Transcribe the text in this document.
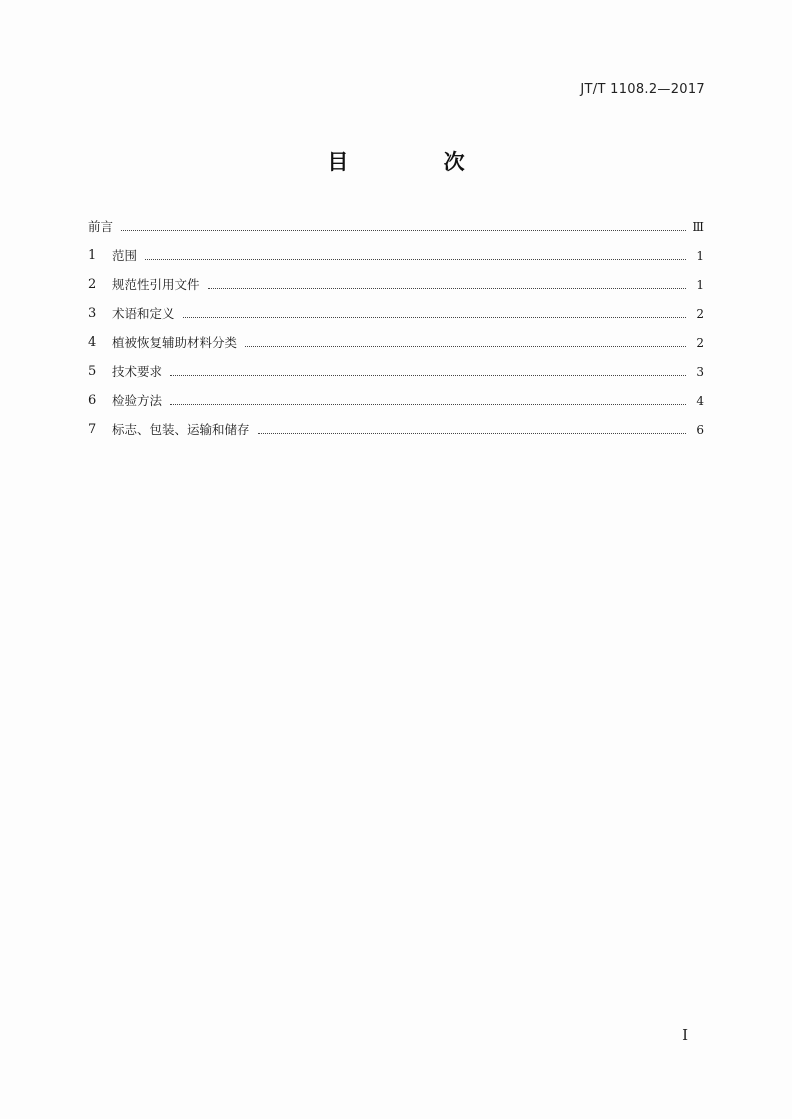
JT/T 1108.2—2017
目 次
前言	Ⅲ
1	范围	1
2	规范性引用文件	1
3	术语和定义	2
4	植被恢复辅助材料分类	2
5	技术要求	3
6	检验方法	4
7	标志、包装、运输和储存	6
I
